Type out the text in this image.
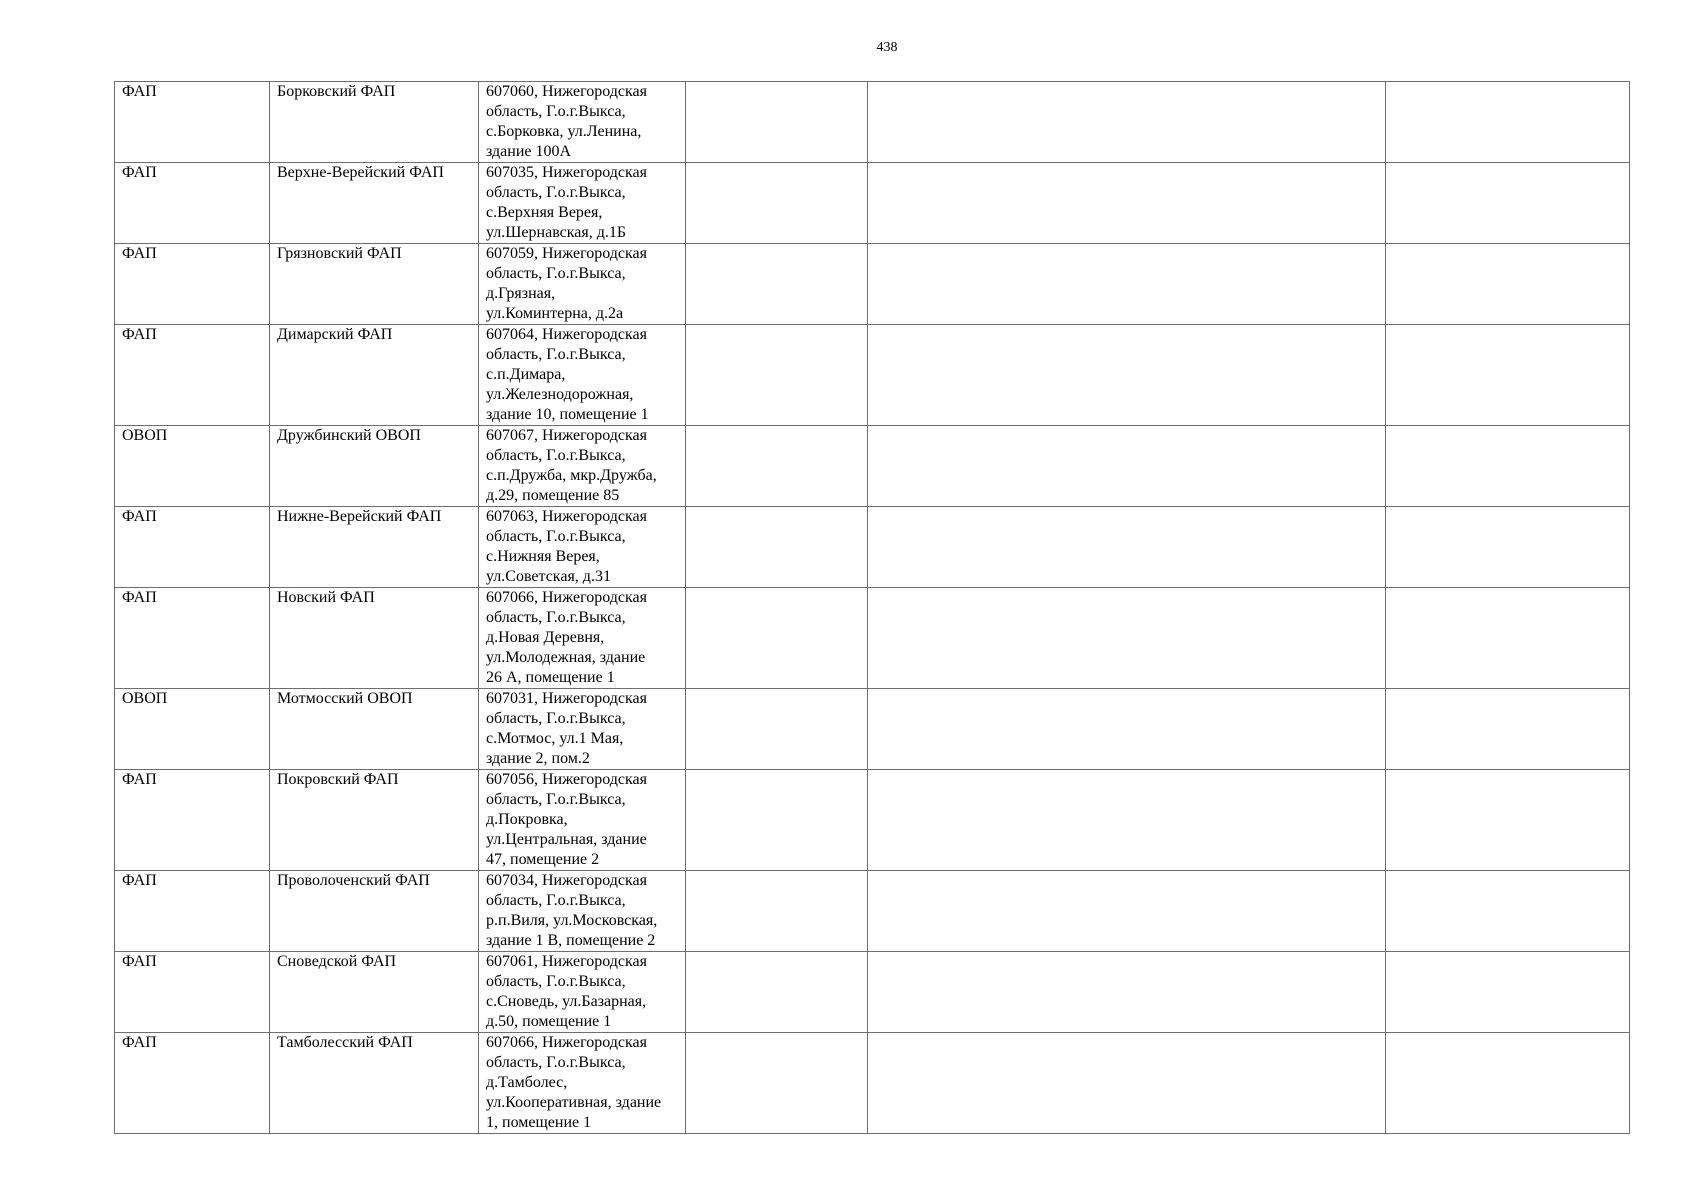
438
ФАП	Борковский ФАП	607060, Нижегородская
область, Г.о.г.Выкса,
с.Борковка, ул.Ленина,
здание 100А			
ФАП	Верхне-Верейский ФАП	607035, Нижегородская
область, Г.о.г.Выкса,
с.Верхняя Верея,
ул.Шернавская, д.1Б			
ФАП	Грязновский ФАП	607059, Нижегородская
область, Г.о.г.Выкса,
д.Грязная,
ул.Коминтерна, д.2а			
ФАП	Димарский ФАП	607064, Нижегородская
область, Г.о.г.Выкса,
с.п.Димара,
ул.Железнодорожная,
здание 10, помещение 1			
ОВОП	Дружбинский ОВОП	607067, Нижегородская
область, Г.о.г.Выкса,
с.п.Дружба, мкр.Дружба,
д.29, помещение 85			
ФАП	Нижне-Верейский ФАП	607063, Нижегородская
область, Г.о.г.Выкса,
с.Нижняя Верея,
ул.Советская, д.31			
ФАП	Новский ФАП	607066, Нижегородская
область, Г.о.г.Выкса,
д.Новая Деревня,
ул.Молодежная, здание
26 А, помещение 1			
ОВОП	Мотмосский ОВОП	607031, Нижегородская
область, Г.о.г.Выкса,
с.Мотмос, ул.1 Мая,
здание 2, пом.2			
ФАП	Покровский ФАП	607056, Нижегородская
область, Г.о.г.Выкса,
д.Покровка,
ул.Центральная, здание
47, помещение 2			
ФАП	Проволоченский ФАП	607034, Нижегородская
область, Г.о.г.Выкса,
р.п.Виля, ул.Московская,
здание 1 В, помещение 2			
ФАП	Сноведской ФАП	607061, Нижегородская
область, Г.о.г.Выкса,
с.Сноведь, ул.Базарная,
д.50, помещение 1			
ФАП	Тамболесский ФАП	607066, Нижегородская
область, Г.о.г.Выкса,
д.Тамболес,
ул.Кооперативная, здание
1, помещение 1			
